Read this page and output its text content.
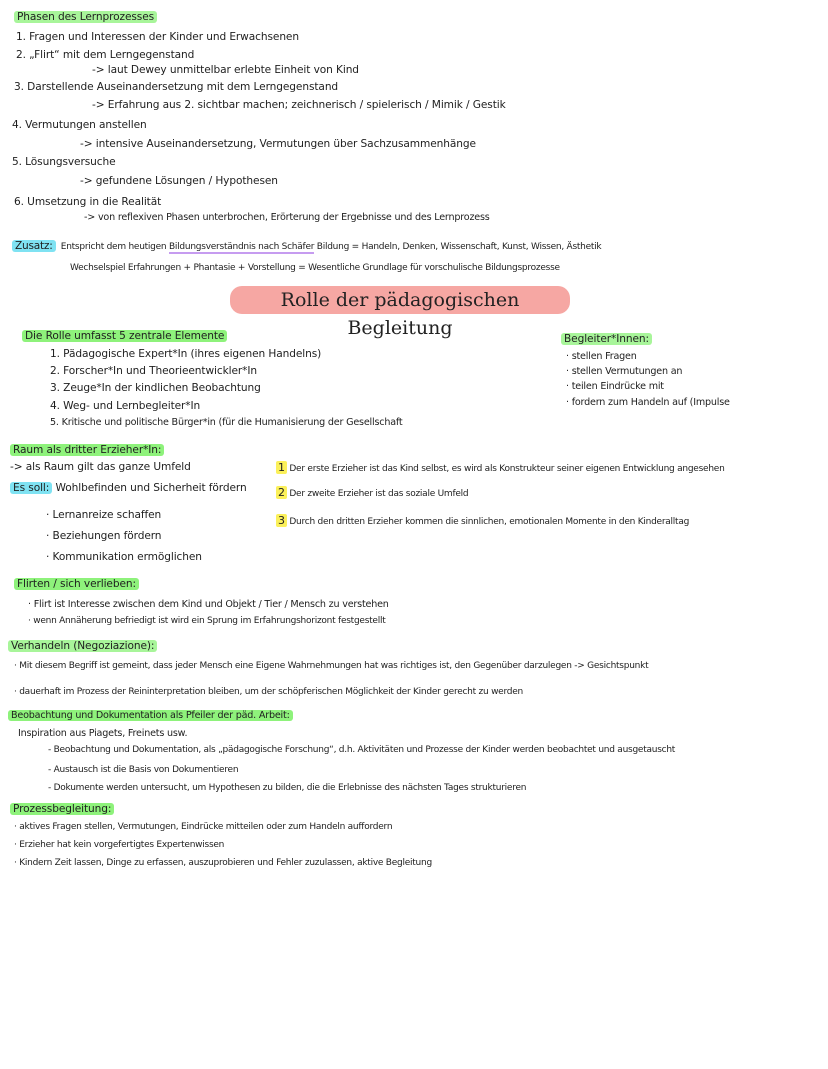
Phasen des Lernprozesses
1. Fragen und Interessen der Kinder und Erwachsenen
2. „Flirt“ mit dem Lerngegenstand
-> laut Dewey unmittelbar erlebte Einheit von Kind
3. Darstellende Auseinandersetzung mit dem Lerngegenstand
-> Erfahrung aus 2. sichtbar machen; zeichnerisch / spielerisch / Mimik / Gestik
4. Vermutungen anstellen
-> intensive Auseinandersetzung, Vermutungen über Sachzusammenhänge
5. Lösungsversuche
-> gefundene Lösungen / Hypothesen
6. Umsetzung in die Realität
-> von reflexiven Phasen unterbrochen, Erörterung der Ergebnisse und des Lernprozess
Zusatz: Entspricht dem heutigen Bildungsverständnis nach Schäfer Bildung = Handeln, Denken, Wissenschaft, Kunst, Wissen, Ästhetik
Wechselspiel Erfahrungen + Phantasie + Vorstellung = Wesentliche Grundlage für vorschulische Bildungsprozesse
Rolle der pädagogischen Begleitung
Die Rolle umfasst 5 zentrale Elemente
1. Pädagogische Expert*In (ihres eigenen Handelns)
2. Forscher*In und Theorieentwickler*In
3. Zeuge*In der kindlichen Beobachtung
4. Weg- und Lernbegleiter*In
5. Kritische und politische Bürger*in (für die Humanisierung der Gesellschaft
Begleiter*Innen:
· stellen Fragen
· stellen Vermutungen an
· teilen Eindrücke mit
· fordern zum Handeln auf (Impulse
Raum als dritter Erzieher*In:
-> als Raum gilt das ganze Umfeld
Es soll: Wohlbefinden und Sicherheit fördern
· Lernanreize schaffen
· Beziehungen fördern
· Kommunikation ermöglichen
1 Der erste Erzieher ist das Kind selbst, es wird als Konstrukteur seiner eigenen Entwicklung angesehen
2 Der zweite Erzieher ist das soziale Umfeld
3 Durch den dritten Erzieher kommen die sinnlichen, emotionalen Momente in den Kinderalltag
Flirten / sich verlieben:
· Flirt ist Interesse zwischen dem Kind und Objekt / Tier / Mensch zu verstehen
· wenn Annäherung befriedigt ist wird ein Sprung im Erfahrungshorizont festgestellt
Verhandeln (Negoziazione):
· Mit diesem Begriff ist gemeint, dass jeder Mensch eine Eigene Wahrnehmungen hat was richtiges ist, den Gegenüber darzulegen -> Gesichtspunkt
· dauerhaft im Prozess der Reininterpretation bleiben, um der schöpferischen Möglichkeit der Kinder gerecht zu werden
Beobachtung und Dokumentation als Pfeiler der päd. Arbeit:
Inspiration aus Piagets, Freinets usw.
- Beobachtung und Dokumentation, als „pädagogische Forschung“, d.h. Aktivitäten und Prozesse der Kinder werden beobachtet und ausgetauscht
- Austausch ist die Basis von Dokumentieren
- Dokumente werden untersucht, um Hypothesen zu bilden, die die Erlebnisse des nächsten Tages strukturieren
Prozessbegleitung:
· aktives Fragen stellen, Vermutungen, Eindrücke mitteilen oder zum Handeln auffordern
· Erzieher hat kein vorgefertigtes Expertenwissen
· Kindern Zeit lassen, Dinge zu erfassen, auszuprobieren und Fehler zuzulassen, aktive Begleitung
